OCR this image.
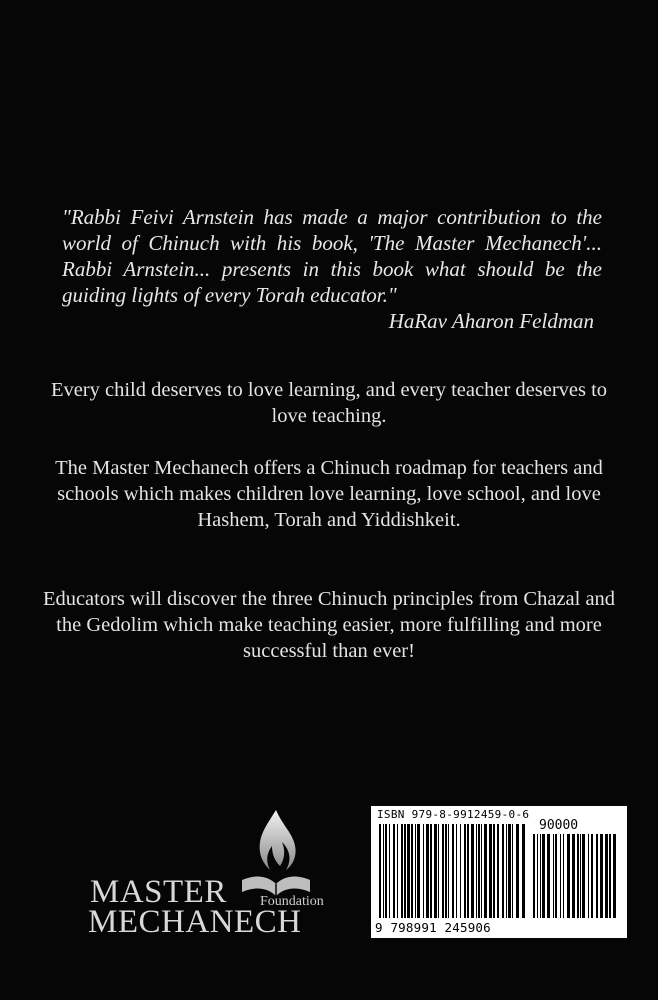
"Rabbi Feivi Arnstein has made a major contribution to the world of Chinuch with his book, 'The Master Mechanech'... Rabbi Arnstein... presents in this book what should be the guiding lights of every Torah educator."
HaRav Aharon Feldman
Every child deserves to love learning, and every teacher deserves to love teaching.
The Master Mechanech offers a Chinuch roadmap for teachers and schools which makes children love learning, love school, and love Hashem, Torah and Yiddishkeit.
Educators will discover the three Chinuch principles from Chazal and the Gedolim which make teaching easier, more fulfilling and more successful than ever!
MASTER Foundation
MECHANECH
ISBN 979-8-9912459-0-6
90000
9 798991 245906
